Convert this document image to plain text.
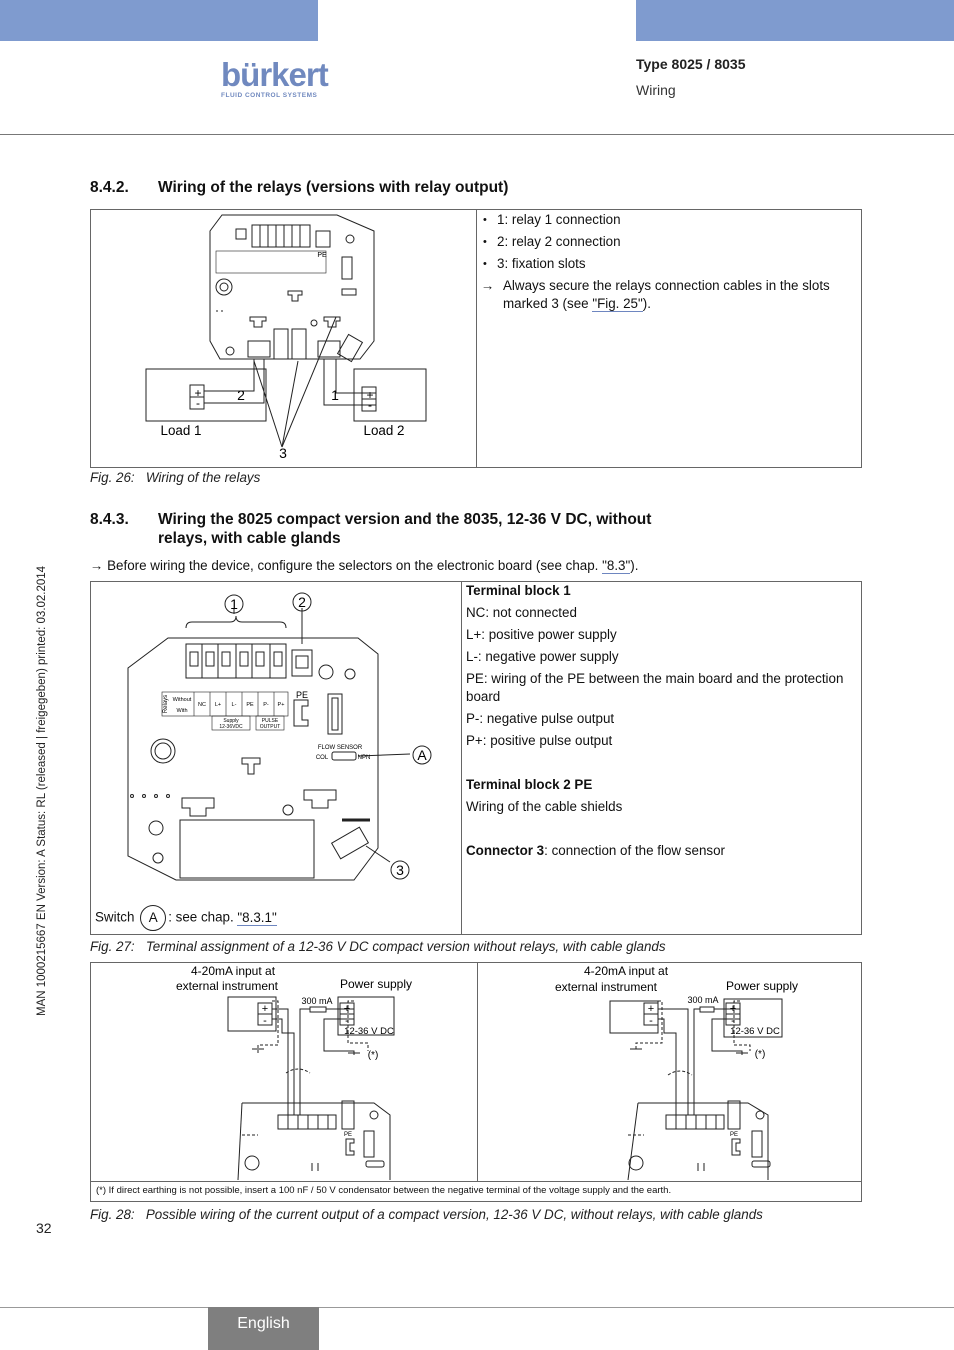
bürkert
FLUID CONTROL SYSTEMS
Type 8025 / 8035
Wiring
MAN 1000215667 EN Version: A Status: RL (released | freigegeben) printed: 03.02.2014
8.4.2. Wiring of the relays (versions with relay output)
+
-
+
-
2	1
3
Load 1	Load 2
PE
• 1: relay 1 connection
• 2: relay 2 connection
• 3: fixation slots
→ Always secure the relays connection cables in the slots marked 3 (see "Fig. 25").
Fig. 26:   Wiring of the relays
8.4.3. Wiring the 8025 compact version and the 8035, 12-36 V DC, without
relays, with cable glands
→ Before wiring the device, configure the selectors on the electronic board (see chap. "8.3").
1	2
A
3
PE
Without
With
NC L+ L- PE P- P+
Supply
12-36VDC
PULSE
OUTPUT
FLOW SENSOR
COL	NPN
Relays
Switch A : see chap. "8.3.1"
Terminal block 1
NC: not connected
L+: positive power supply
L-: negative power supply
PE: wiring of the PE between the main board and the protection board
P-: negative pulse output
P+: positive pulse output
Terminal block 2 PE
Wiring of the cable shields
Connector 3: connection of the flow sensor
Fig. 27:   Terminal assignment of a 12-36 V DC compact version without relays, with cable glands
4-20mA input at
external instrument	Power supply
300 mA
12-36 V DC
(*)
+
-
+
-
PE
4-20mA input at
external instrument	Power supply
300 mA
12-36 V DC
(*)
+
-
+
-
PE
(*) If direct earthing is not possible, insert a 100 nF / 50 V condensator between the negative terminal of the voltage supply and the earth.
Fig. 28:   Possible wiring of the current output of a compact version, 12-36 V DC, without relays, with cable glands
32
English
